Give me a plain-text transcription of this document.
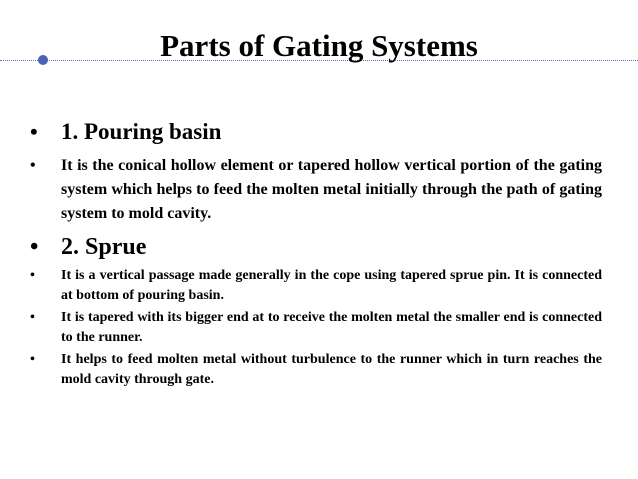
Parts of Gating Systems
• 1. Pouring basin
• It is the conical hollow element or tapered hollow vertical portion of the gating system which helps to feed the molten metal initially through the path of gating system to mold cavity.
• 2. Sprue
• It is a vertical passage made generally in the cope using tapered sprue pin. It is connected at bottom of pouring basin.
• It is tapered with its bigger end at to receive the molten metal the smaller end is connected to the runner.
• It helps to feed molten metal without turbulence to the runner which in turn reaches the mold cavity through gate.
